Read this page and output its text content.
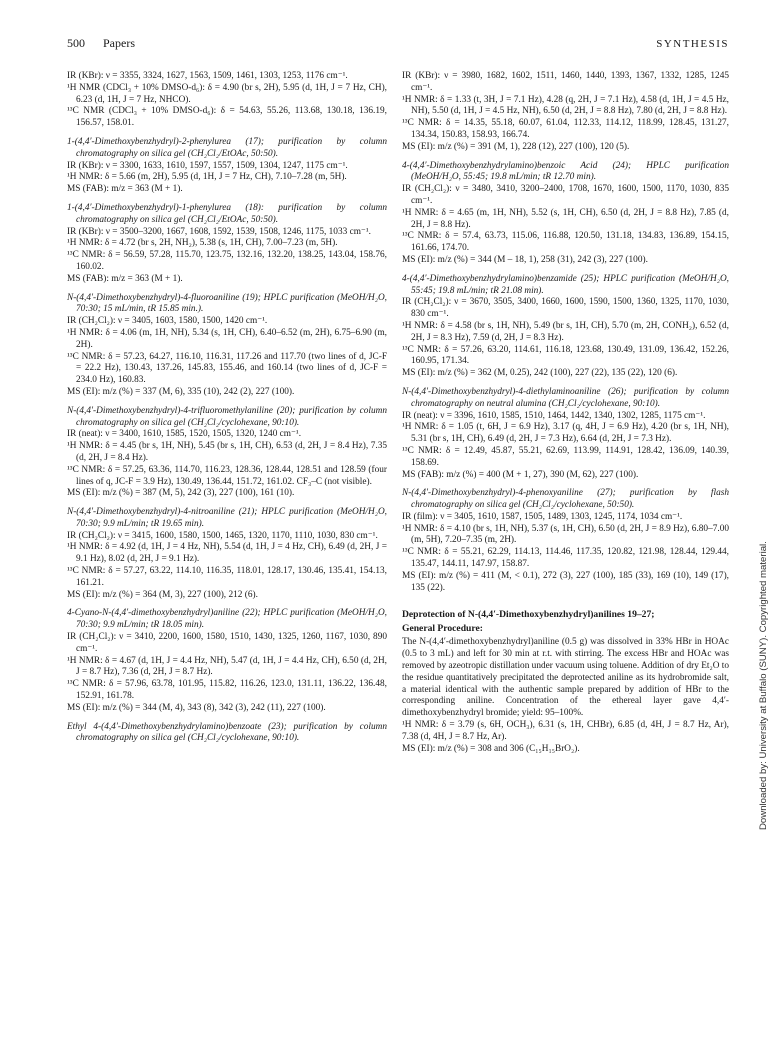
500 Papers	SYNTHESIS

IR (KBr): ν = 3355, 3324, 1627, 1563, 1509, 1461, 1303, 1253, 1176 cm⁻¹.

¹H NMR (CDCl₃ + 10% DMSO-d₆): δ = 4.90 (br s, 2H), 5.95 (d, 1H, J = 7 Hz, CH), 6.23 (d, 1H, J = 7 Hz, NHCO).

¹³C NMR (CDCl₃ + 10% DMSO-d₆): δ = 54.63, 55.26, 113.68, 130.18, 136.19, 156.57, 158.01.

1-(4,4′-Dimethoxybenzhydryl)-2-phenylurea (17); purification by column chromatography on silica gel (CH₂Cl₂/EtOAc, 50:50).

IR (KBr): ν = 3300, 1633, 1610, 1597, 1557, 1509, 1304, 1247, 1175 cm⁻¹.

¹H NMR: δ = 5.66 (m, 2H), 5.95 (d, 1H, J = 7 Hz, CH), 7.10–7.28 (m, 5H).

MS (FAB): m/z = 363 (M + 1).

1-(4,4′-Dimethoxybenzhydryl)-1-phenylurea (18): purification by column chromatography on silica gel (CH₂Cl₂/EtOAc, 50:50).

IR (KBr): ν = 3500–3200, 1667, 1608, 1592, 1539, 1508, 1246, 1175, 1033 cm⁻¹.

¹H NMR: δ = 4.72 (br s, 2H, NH₂), 5.38 (s, 1H, CH), 7.00–7.23 (m, 5H).

¹³C NMR: δ = 56.59, 57.28, 115.70, 123.75, 132.16, 132.20, 138.25, 143.04, 158.76, 160.02.

MS (FAB): m/z = 363 (M + 1).

N-(4,4′-Dimethoxybenzhydryl)-4-fluoroaniline (19); HPLC purification (MeOH/H₂O, 70:30; 15 mL/min, tR 15.85 min.).

IR (CH₂Cl₂): ν = 3405, 1603, 1580, 1500, 1420 cm⁻¹.

¹H NMR: δ = 4.06 (m, 1H, NH), 5.34 (s, 1H, CH), 6.40–6.52 (m, 2H), 6.75–6.90 (m, 2H).

¹³C NMR: δ = 57.23, 64.27, 116.10, 116.31, 117.26 and 117.70 (two lines of d, JC-F = 22.2 Hz), 130.43, 137.26, 145.83, 155.46, and 160.14 (two lines of d, JC-F = 234.0 Hz), 160.83.

MS (EI): m/z (%) = 337 (M, 6), 335 (10), 242 (2), 227 (100).

N-(4,4′-Dimethoxybenzhydryl)-4-trifluoromethylaniline (20); purification by column chromatography on silica gel (CH₂Cl₂/cyclohexane, 90:10).

IR (neat): ν = 3400, 1610, 1585, 1520, 1505, 1320, 1240 cm⁻¹.

¹H NMR: δ = 4.45 (br s, 1H, NH), 5.45 (br s, 1H, CH), 6.53 (d, 2H, J = 8.4 Hz), 7.35 (d, 2H, J = 8.4 Hz).

¹³C NMR: δ = 57.25, 63.36, 114.70, 116.23, 128.36, 128.44, 128.51 and 128.59 (four lines of q, JC-F = 3.9 Hz), 130.49, 136.44, 151.72, 161.02. CF₃–C (not visible).

MS (EI): m/z (%) = 387 (M, 5), 242 (3), 227 (100), 161 (10).

N-(4,4′-Dimethoxybenzhydryl)-4-nitroaniline (21); HPLC purification (MeOH/H₂O, 70:30; 9.9 mL/min; tR 19.65 min).

IR (CH₂Cl₂): ν = 3415, 1600, 1580, 1500, 1465, 1320, 1170, 1110, 1030, 830 cm⁻¹.

¹H NMR: δ = 4.92 (d, 1H, J = 4 Hz, NH), 5.54 (d, 1H, J = 4 Hz, CH), 6.49 (d, 2H, J = 9.1 Hz), 8.02 (d, 2H, J = 9.1 Hz).

¹³C NMR: δ = 57.27, 63.22, 114.10, 116.35, 118.01, 128.17, 130.46, 135.41, 154.13, 161.21.

MS (EI): m/z (%) = 364 (M, 3), 227 (100), 212 (6).

4-Cyano-N-(4,4′-dimethoxybenzhydryl)aniline (22); HPLC purification (MeOH/H₂O, 70:30; 9.9 mL/min; tR 18.05 min).

IR (CH₂Cl₂): ν = 3410, 2200, 1600, 1580, 1510, 1430, 1325, 1260, 1167, 1030, 890 cm⁻¹.

¹H NMR: δ = 4.67 (d, 1H, J = 4.4 Hz, NH), 5.47 (d, 1H, J = 4.4 Hz, CH), 6.50 (d, 2H, J = 8.7 Hz), 7.36 (d, 2H, J = 8.7 Hz).

¹³C NMR: δ = 57.96, 63.78, 101.95, 115.82, 116.26, 123.0, 131.11, 136.22, 136.48, 152.91, 161.78.

MS (EI): m/z (%) = 344 (M, 4), 343 (8), 342 (3), 242 (11), 227 (100).

Ethyl 4-(4,4′-Dimethoxybenzhydrylamino)benzoate (23); purification by column chromatography on silica gel (CH₂Cl₂/cyclohexane, 90:10).

IR (KBr): ν = 3980, 1682, 1602, 1511, 1460, 1440, 1393, 1367, 1332, 1285, 1245 cm⁻¹.

¹H NMR: δ = 1.33 (t, 3H, J = 7.1 Hz), 4.28 (q, 2H, J = 7.1 Hz), 4.58 (d, 1H, J = 4.5 Hz, NH), 5.50 (d, 1H, J = 4.5 Hz, NH), 6.50 (d, 2H, J = 8.8 Hz), 7.80 (d, 2H, J = 8.8 Hz).

¹³C NMR: δ = 14.35, 55.18, 60.07, 61.04, 112.33, 114.12, 118.99, 128.45, 131.27, 134.34, 150.83, 158.93, 166.74.

MS (EI): m/z (%) = 391 (M, 1), 228 (12), 227 (100), 120 (5).

4-(4,4′-Dimethoxybenzhydrylamino)benzoic Acid (24); HPLC purification (MeOH/H₂O, 55:45; 19.8 mL/min; tR 12.70 min).

IR (CH₂Cl₂): ν = 3480, 3410, 3200–2400, 1708, 1670, 1600, 1500, 1170, 1030, 835 cm⁻¹.

¹H NMR: δ = 4.65 (m, 1H, NH), 5.52 (s, 1H, CH), 6.50 (d, 2H, J = 8.8 Hz), 7.85 (d, 2H, J = 8.8 Hz).

¹³C NMR: δ = 57.4, 63.73, 115.06, 116.88, 120.50, 131.18, 134.83, 136.89, 154.15, 161.66, 174.70.

MS (EI): m/z (%) = 344 (M – 18, 1), 258 (31), 242 (3), 227 (100).

4-(4,4′-Dimethoxybenzhydrylamino)benzamide (25); HPLC purification (MeOH/H₂O, 55:45; 19.8 mL/min; tR 21.08 min).

IR (CH₂Cl₂): ν = 3670, 3505, 3400, 1660, 1600, 1590, 1500, 1360, 1325, 1170, 1030, 830 cm⁻¹.

¹H NMR: δ = 4.58 (br s, 1H, NH), 5.49 (br s, 1H, CH), 5.70 (m, 2H, CONH₂), 6.52 (d, 2H, J = 8.3 Hz), 7.59 (d, 2H, J = 8.3 Hz).

¹³C NMR: δ = 57.26, 63.20, 114.61, 116.18, 123.68, 130.49, 131.09, 136.42, 152.26, 160.95, 171.34.

MS (EI): m/z (%) = 362 (M, 0.25), 242 (100), 227 (22), 135 (22), 120 (6).

N-(4,4′-Dimethoxybenzhydryl)-4-diethylaminoaniline (26); purification by column chromatography on neutral alumina (CH₂Cl₂/cyclohexane, 90:10).

IR (neat): ν = 3396, 1610, 1585, 1510, 1464, 1442, 1340, 1302, 1285, 1175 cm⁻¹.

¹H NMR: δ = 1.05 (t, 6H, J = 6.9 Hz), 3.17 (q, 4H, J = 6.9 Hz), 4.20 (br s, 1H, NH), 5.31 (br s, 1H, CH), 6.49 (d, 2H, J = 7.3 Hz), 6.64 (d, 2H, J = 7.3 Hz).

¹³C NMR: δ = 12.49, 45.87, 55.21, 62.69, 113.99, 114.91, 128.42, 136.09, 140.39, 158.69.

MS (FAB): m/z (%) = 400 (M + 1, 27), 390 (M, 62), 227 (100).

N-(4,4′-Dimethoxybenzhydryl)-4-phenoxyaniline (27); purification by flash chromatography on silica gel (CH₂Cl₂/cyclohexane, 50:50).

IR (film): ν = 3405, 1610, 1587, 1505, 1489, 1303, 1245, 1174, 1034 cm⁻¹.

¹H NMR: δ = 4.10 (br s, 1H, NH), 5.37 (s, 1H, CH), 6.50 (d, 2H, J = 8.9 Hz), 6.80–7.00 (m, 5H), 7.20–7.35 (m, 2H).

¹³C NMR: δ = 55.21, 62.29, 114.13, 114.46, 117.35, 120.82, 121.98, 128.44, 129.44, 135.47, 144.11, 147.97, 158.87.

MS (EI): m/z (%) = 411 (M, < 0.1), 272 (3), 227 (100), 185 (33), 169 (10), 149 (17), 135 (22).

Deprotection of N-(4,4′-Dimethoxybenzhydryl)anilines 19–27;

General Procedure:

The N-(4,4′-dimethoxybenzhydryl)aniline (0.5 g) was dissolved in 33% HBr in HOAc (0.5 to 3 mL) and left for 30 min at r.t. with stirring. The excess HBr and HOAc was removed by azeotropic distillation under vacuum using toluene. Addition of dry Et₂O to the residue quantitatively precipitated the deprotected aniline as its hydrobromide salt, a material identical with the authentic sample prepared by addition of HBr to the corresponding aniline. Concentration of the ethereal layer gave 4,4′-dimethoxybenzhydryl bromide; yield: 95–100%.

¹H NMR: δ = 3.79 (s, 6H, OCH₃), 6.31 (s, 1H, CHBr), 6.85 (d, 4H, J = 8.7 Hz, Ar), 7.38 (d, 4H, J = 8.7 Hz, Ar).

MS (EI): m/z (%) = 308 and 306 (C₁₅H₁₅BrO₂).	Downloaded by: University at Buffalo (SUNY). Copyrighted material.
